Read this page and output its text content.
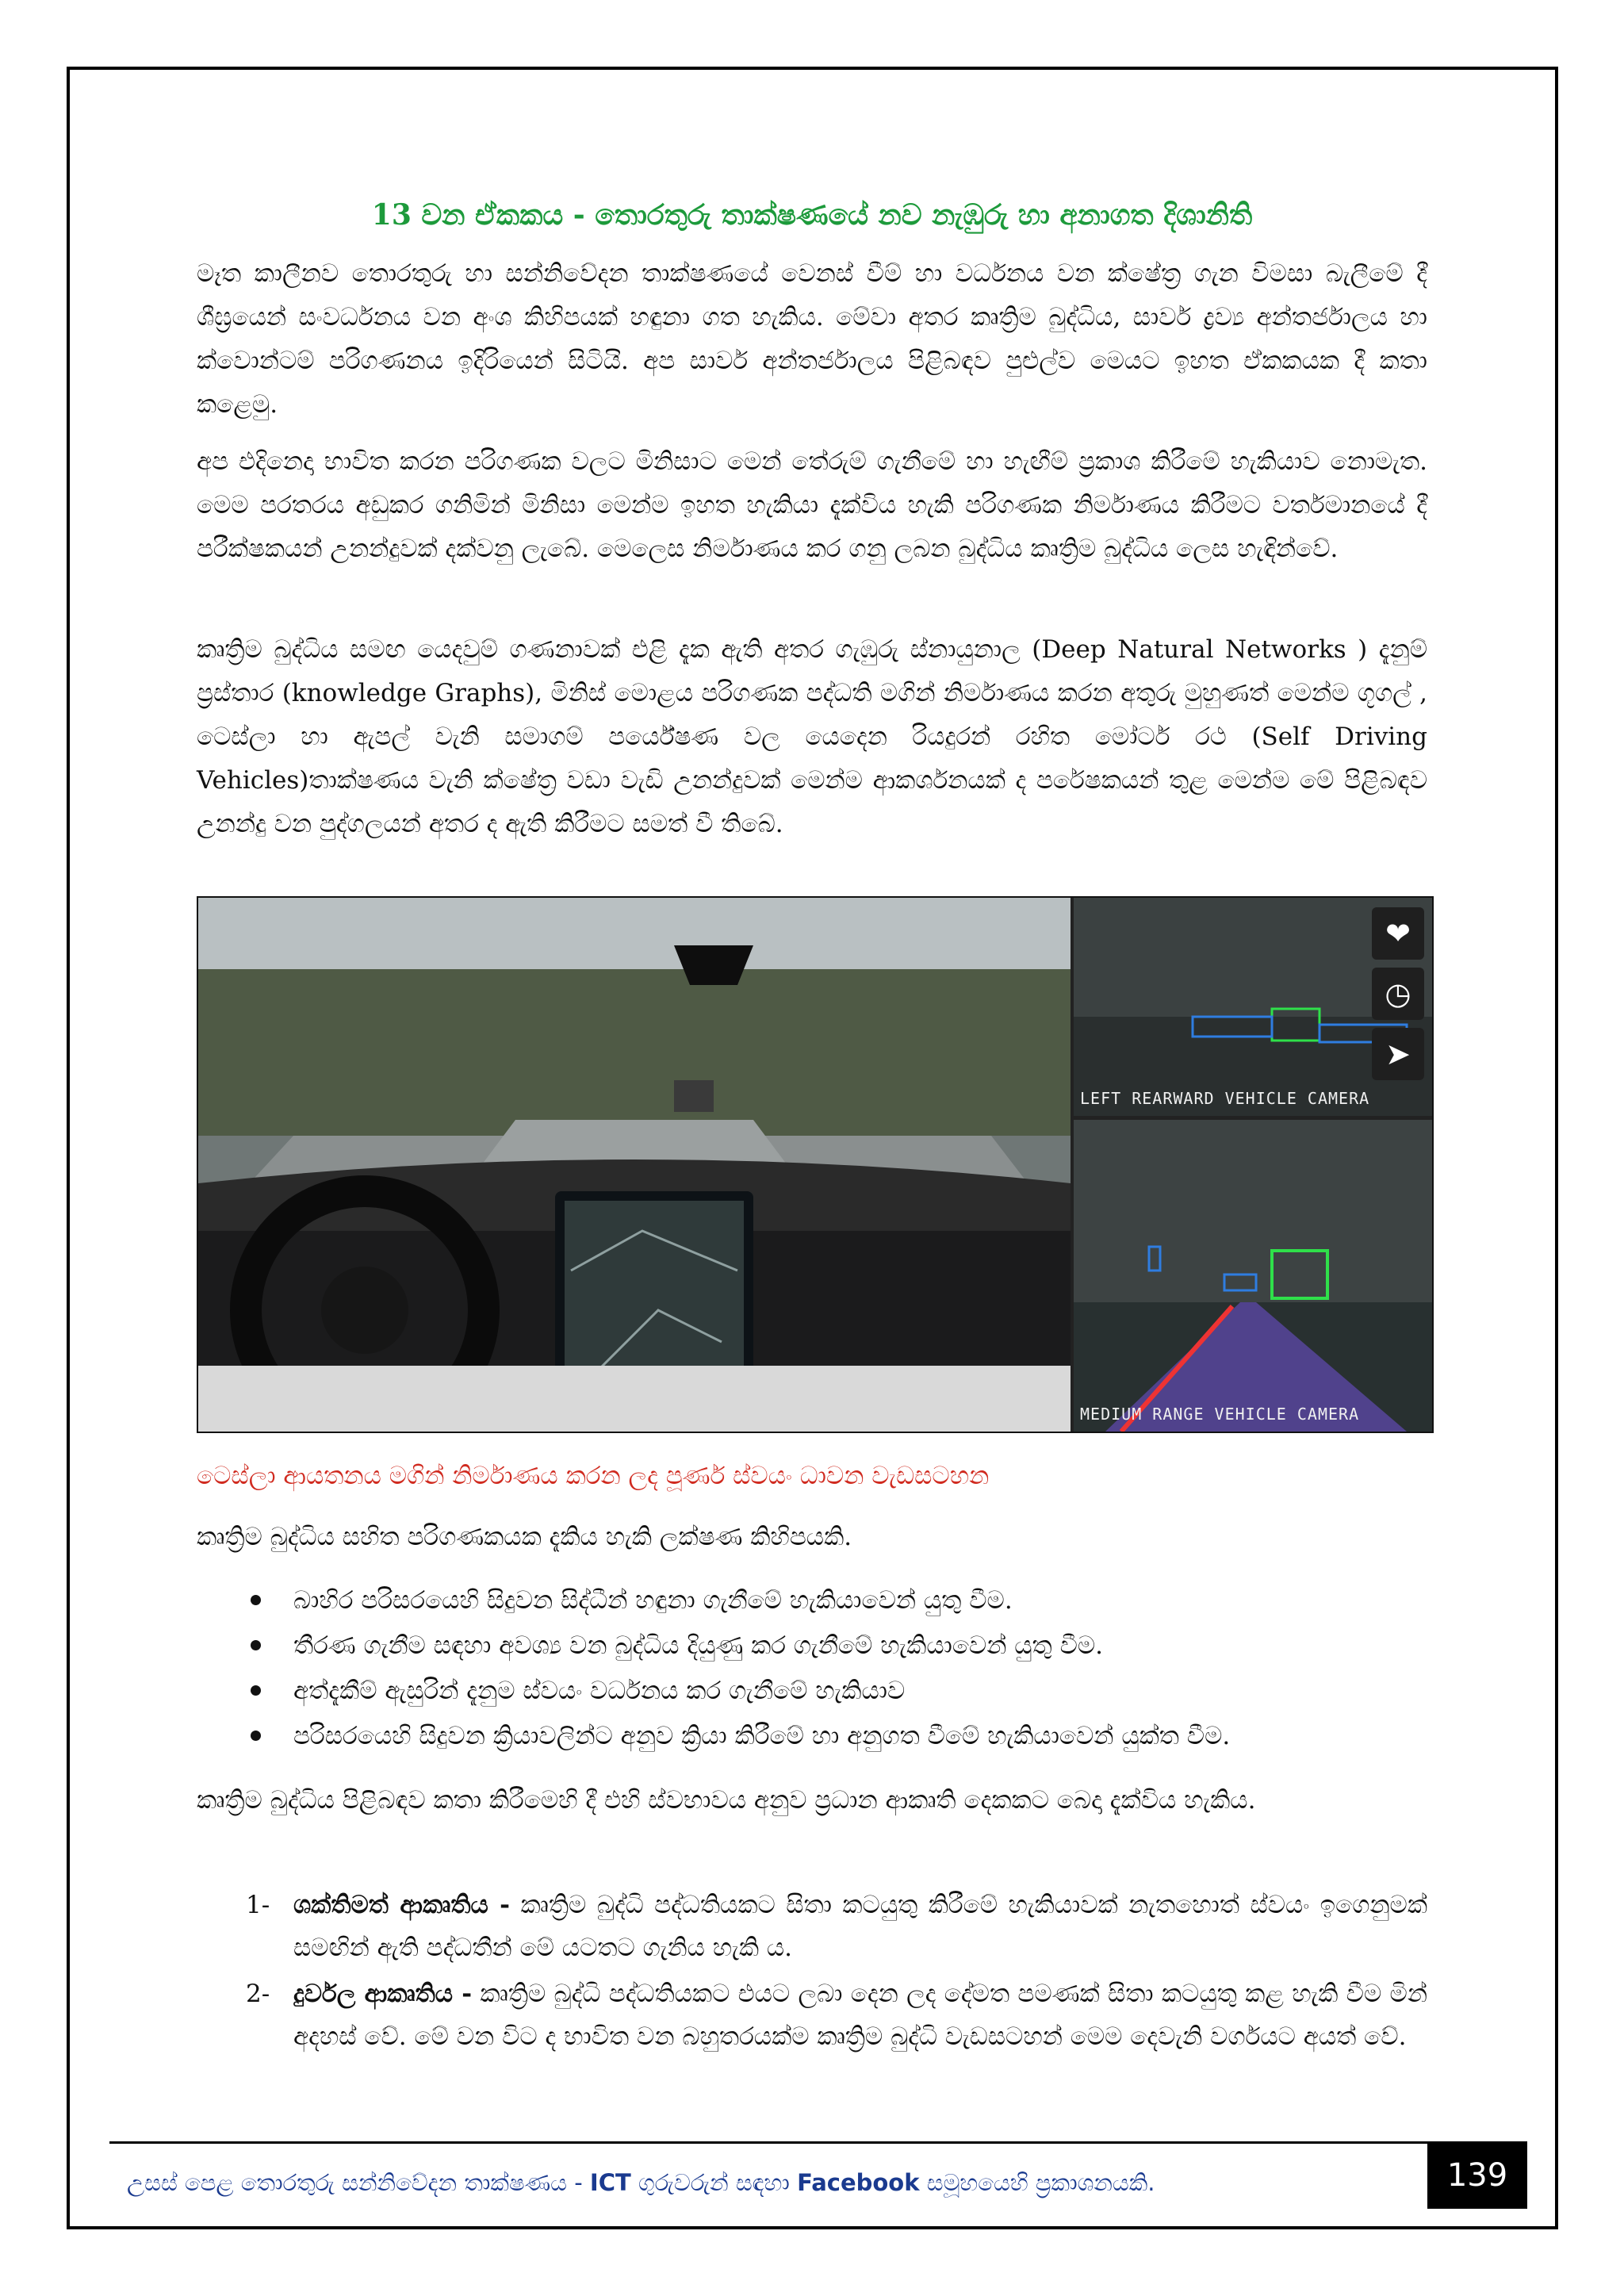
13 වන ඒකකය - තොරතුරු තාක්ෂණයේ නව නැඹුරු හා අනාගත දිශානිති

මෑත කාලීනව තොරතුරු හා සන්නිවේදන තාක්ෂණයේ වෙනස් වීම් හා වර්ධනය වන ක්ෂේත්‍ර ගැන විමසා බැලීමේ දී ශීඝ්‍රයෙන් සංවර්ධනය වන අංශ කිහිපයක් හඳුනා ගත හැකිය. මේවා අතර කෘත්‍රිම බුද්ධිය, සාර්ව ද්‍රව්‍ය අන්තර්ජාලය හා ක්වොන්ටම් පරිගණනය ඉදිරියෙන් සිටියි. අප සාර්ව අන්තර්ජාලය පිළිබඳව පුළුල්ව මෙයට ඉහත ඒකකයක දී කතා කළෙමු.

අප එදිනෙදා භාවිත කරන පරිගණක වලට මිනිසාට මෙන් තේරුම් ගැනීමේ හා හැඟීම් ප්‍රකාශ කිරීමේ හැකියාව නොමැත. මෙම පරතරය අඩුකර ගනිමින් මිනිසා මෙන්ම ඉහත හැකියා දැක්විය හැකි පරිගණක නිර්මාණය කිරීමට වර්තමානයේ දී පරීක්ෂකයන් උනන්දුවක් දක්වනු ලැබේ. මෙලෙස නිර්මාණය කර ගනු ලබන බුද්ධිය කෘත්‍රිම බුද්ධිය ලෙස හැඳින්වේ.

කෘත්‍රිම බුද්ධිය සමඟ යෙදවුම් ගණනාවක් එළි දැක ඇති අතර ගැඹුරු ස්නායුනාල (Deep Natural Networks ) දැනුම් ප්‍රස්තාර (knowledge Graphs), මිනිස් මොළය පරිගණක පද්ධති මගින් නිර්මාණය කරන අතුරු මුහුණත් මෙන්ම ගූගල් , ටෙස්ලා හා ඇපල් වැනි සමාගම් පර්යේෂණ වල යෙදෙන රියදුරන් රහිත මෝටර් රථ (Self Driving Vehicles)තාක්ෂණය වැනි ක්ෂේත්‍ර වඩා වැඩි උනන්දුවක් මෙන්ම ආකර්ශනයක් ද පරේෂකයන් තුළ මෙන්ම මේ පිළිබඳව උනන්දු වන පුද්ගලයන් අතර ද ඇති කිරීමට සමත් වී තිබේ.

LEFT REARWARD VEHICLE CAMERA
MEDIUM RANGE VEHICLE CAMERA
❤
◷
➤
ටෙස්ලා ආයතනය මගින් නිර්මාණය කරන ලද පූර්ණ ස්වයං ධාවන වැඩසටහන
කෘත්‍රිම බුද්ධිය සහිත පරිගණකයක දැකිය හැකි ලක්ෂණ කිහිපයකි.
බාහිර පරිසරයෙහි සිදුවන සිද්ධීන් හඳුනා ගැනීමේ හැකියාවෙන් යුතු වීම.
තීරණ ගැනීම සඳහා අවශ්‍ය වන බුද්ධිය දියුණු කර ගැනීමේ හැකියාවෙන් යුතු වීම.
අත්දැකීම් ඇසුරින් දැනුම ස්වයං වර්ධනය කර ගැනීමේ හැකියාව
පරිසරයෙහි සිදුවන ක්‍රියාවලින්ට අනුව ක්‍රියා කිරීමේ හා අනුගත වීමේ හැකියාවෙන් යුක්ත වීම.

කෘත්‍රිම බුද්ධිය පිළිබඳව කතා කිරීමෙහි දී එහි ස්වභාවය අනුව ප්‍රධාන ආකෘති දෙකකට බෙදා දැක්විය හැකිය.

1- ශක්තිමත් ආකෘතිය - කෘත්‍රිම බුද්ධි පද්ධතියකට සිතා කටයුතු කිරීමේ හැකියාවක් නැතහොත් ස්වයං ඉගෙනුමක් සමඟින් ඇති පද්ධතීන් මේ යටතට ගැනිය හැකි ය.
2- දුර්වල ආකෘතිය - කෘත්‍රිම බුද්ධි පද්ධතියකට එයට ලබා දෙන ලද දේමත පමණක් සිතා කටයුතු කළ හැකි වීම මින් අදහස් වේ. මේ වන විට ද භාවිත වන බහුතරයක්ම කෘත්‍රිම බුද්ධි වැඩසටහන් මෙම දෙවැනි වර්ගයට අයත් වේ.
උසස් පෙළ තොරතුරු සන්නිවේදන තාක්ෂණය - ICT ගුරුවරුන් සඳහා Facebook සමූහයෙහි ප්‍රකාශනයකි.	139
